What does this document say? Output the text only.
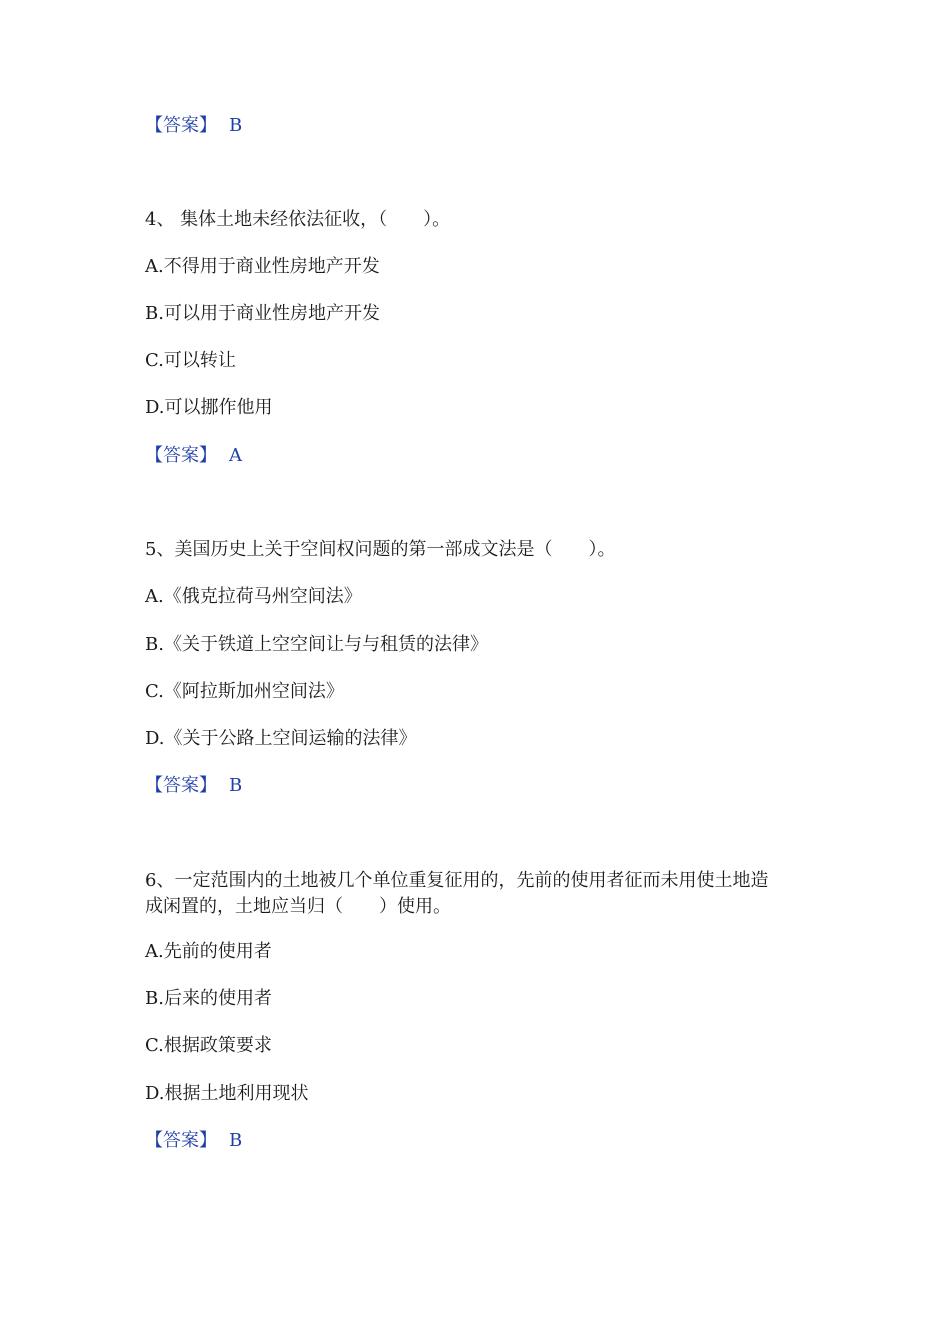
【答案】 B
4、 集体土地未经依法征收，（　　）。
A.不得用于商业性房地产开发
B.可以用于商业性房地产开发
C.可以转让
D.可以挪作他用
【答案】 A
5、美国历史上关于空间权问题的第一部成文法是（　　）。
A.《俄克拉荷马州空间法》
B.《关于铁道上空空间让与与租赁的法律》
C.《阿拉斯加州空间法》
D.《关于公路上空间运输的法律》
【答案】 B
6、一定范围内的土地被几个单位重复征用的，先前的使用者征而未用使土地造
成闲置的，土地应当归（　　）使用。
A.先前的使用者
B.后来的使用者
C.根据政策要求
D.根据土地利用现状
【答案】 B
